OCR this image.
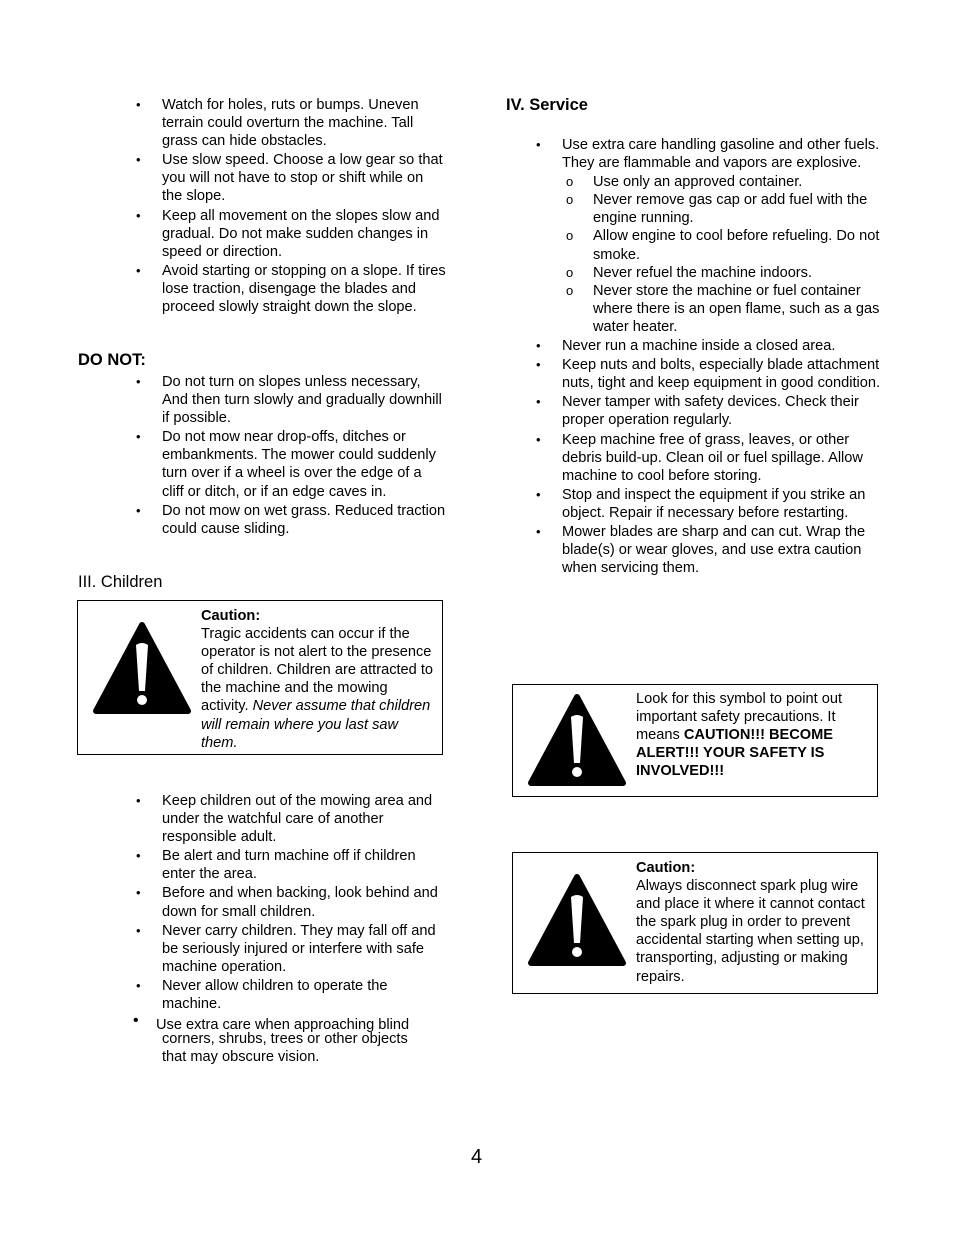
• Watch for holes, ruts or bumps. Uneven terrain could overturn the machine. Tall grass can hide obstacles.
• Use slow speed. Choose a low gear so that you will not have to stop or shift while on the slope.
• Keep all movement on the slopes slow and gradual. Do not make sudden changes in speed or direction.
• Avoid starting or stopping on a slope. If tires lose traction, disengage the blades and proceed slowly straight down the slope.
DO NOT:
• Do not turn on slopes unless necessary, And then turn slowly and gradually downhill if possible.
• Do not mow near drop-offs, ditches or embankments. The mower could suddenly turn over if a wheel is over the edge of a cliff or ditch, or if an edge caves in.
• Do not mow on wet grass. Reduced traction could cause sliding.
III. Children
Caution:
Tragic accidents can occur if the operator is not alert to the presence of children. Children are attracted to the machine and the mowing activity. Never assume that children will remain where you last saw them.
• Keep children out of the mowing area and under the watchful care of another responsible adult.
• Be alert and turn machine off if children enter the area.
• Before and when backing, look behind and down for small children.
• Never carry children. They may fall off and be seriously injured or interfere with safe machine operation.
• Never allow children to operate the machine.
• Use extra care when approaching blind
corners, shrubs, trees or other objects
that may obscure vision.
IV. Service
• Use extra care handling gasoline and other fuels. They are flammable and vapors are explosive.
o Use only an approved container.
o Never remove gas cap or add fuel with the engine running.
o Allow engine to cool before refueling. Do not smoke.
o Never refuel the machine indoors.
o Never store the machine or fuel container where there is an open flame, such as a gas water heater.
• Never run a machine inside a closed area.
• Keep nuts and bolts, especially blade attachment nuts, tight and keep equipment in good condition.
• Never tamper with safety devices. Check their proper operation regularly.
• Keep machine free of grass, leaves, or other debris build-up. Clean oil or fuel spillage. Allow machine to cool before storing.
• Stop and inspect the equipment if you strike an object. Repair if necessary before restarting.
• Mower blades are sharp and can cut. Wrap the blade(s) or wear gloves, and use extra caution when servicing them.
Look for this symbol to point out important safety precautions. It means CAUTION!!! BECOME ALERT!!! YOUR SAFETY IS INVOLVED!!!
Caution:
Always disconnect spark plug wire and place it where it cannot contact the spark plug in order to prevent accidental starting when setting up, transporting, adjusting or making repairs.
4
